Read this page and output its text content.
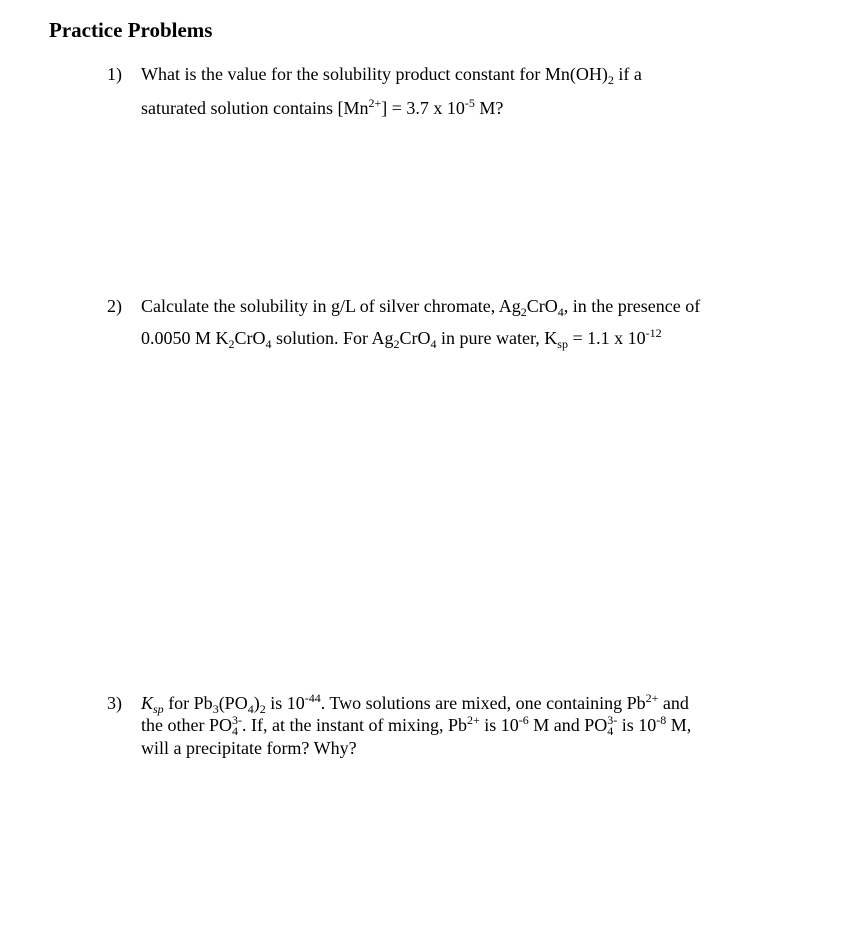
Practice Problems
1) What is the value for the solubility product constant for $Mn(OH)_2$ if a
saturated solution contains $[Mn^{2+}] = 3.7$ x $10^{-5}$ M?
2) Calculate the solubility in g/L of silver chromate, $Ag_2CrO_4$, in the presence of
0.0050 M $K_2CrO_4$ solution. For $Ag_2CrO_4$ in pure water, $K_{sp} = 1.1$ x $10^{-12}$
3) $K_{sp}$ for $Pb_3(PO_4)_2$ is $10^{-44}$. Two solutions are mixed, one containing $Pb^{2+}$ and
the other $PO_4^{3-}$. If, at the instant of mixing, $Pb^{2+}$ is $10^{-6}$ M and $PO_4^{3-}$ is $10^{-8}$ M,
will a precipitate form? Why?
